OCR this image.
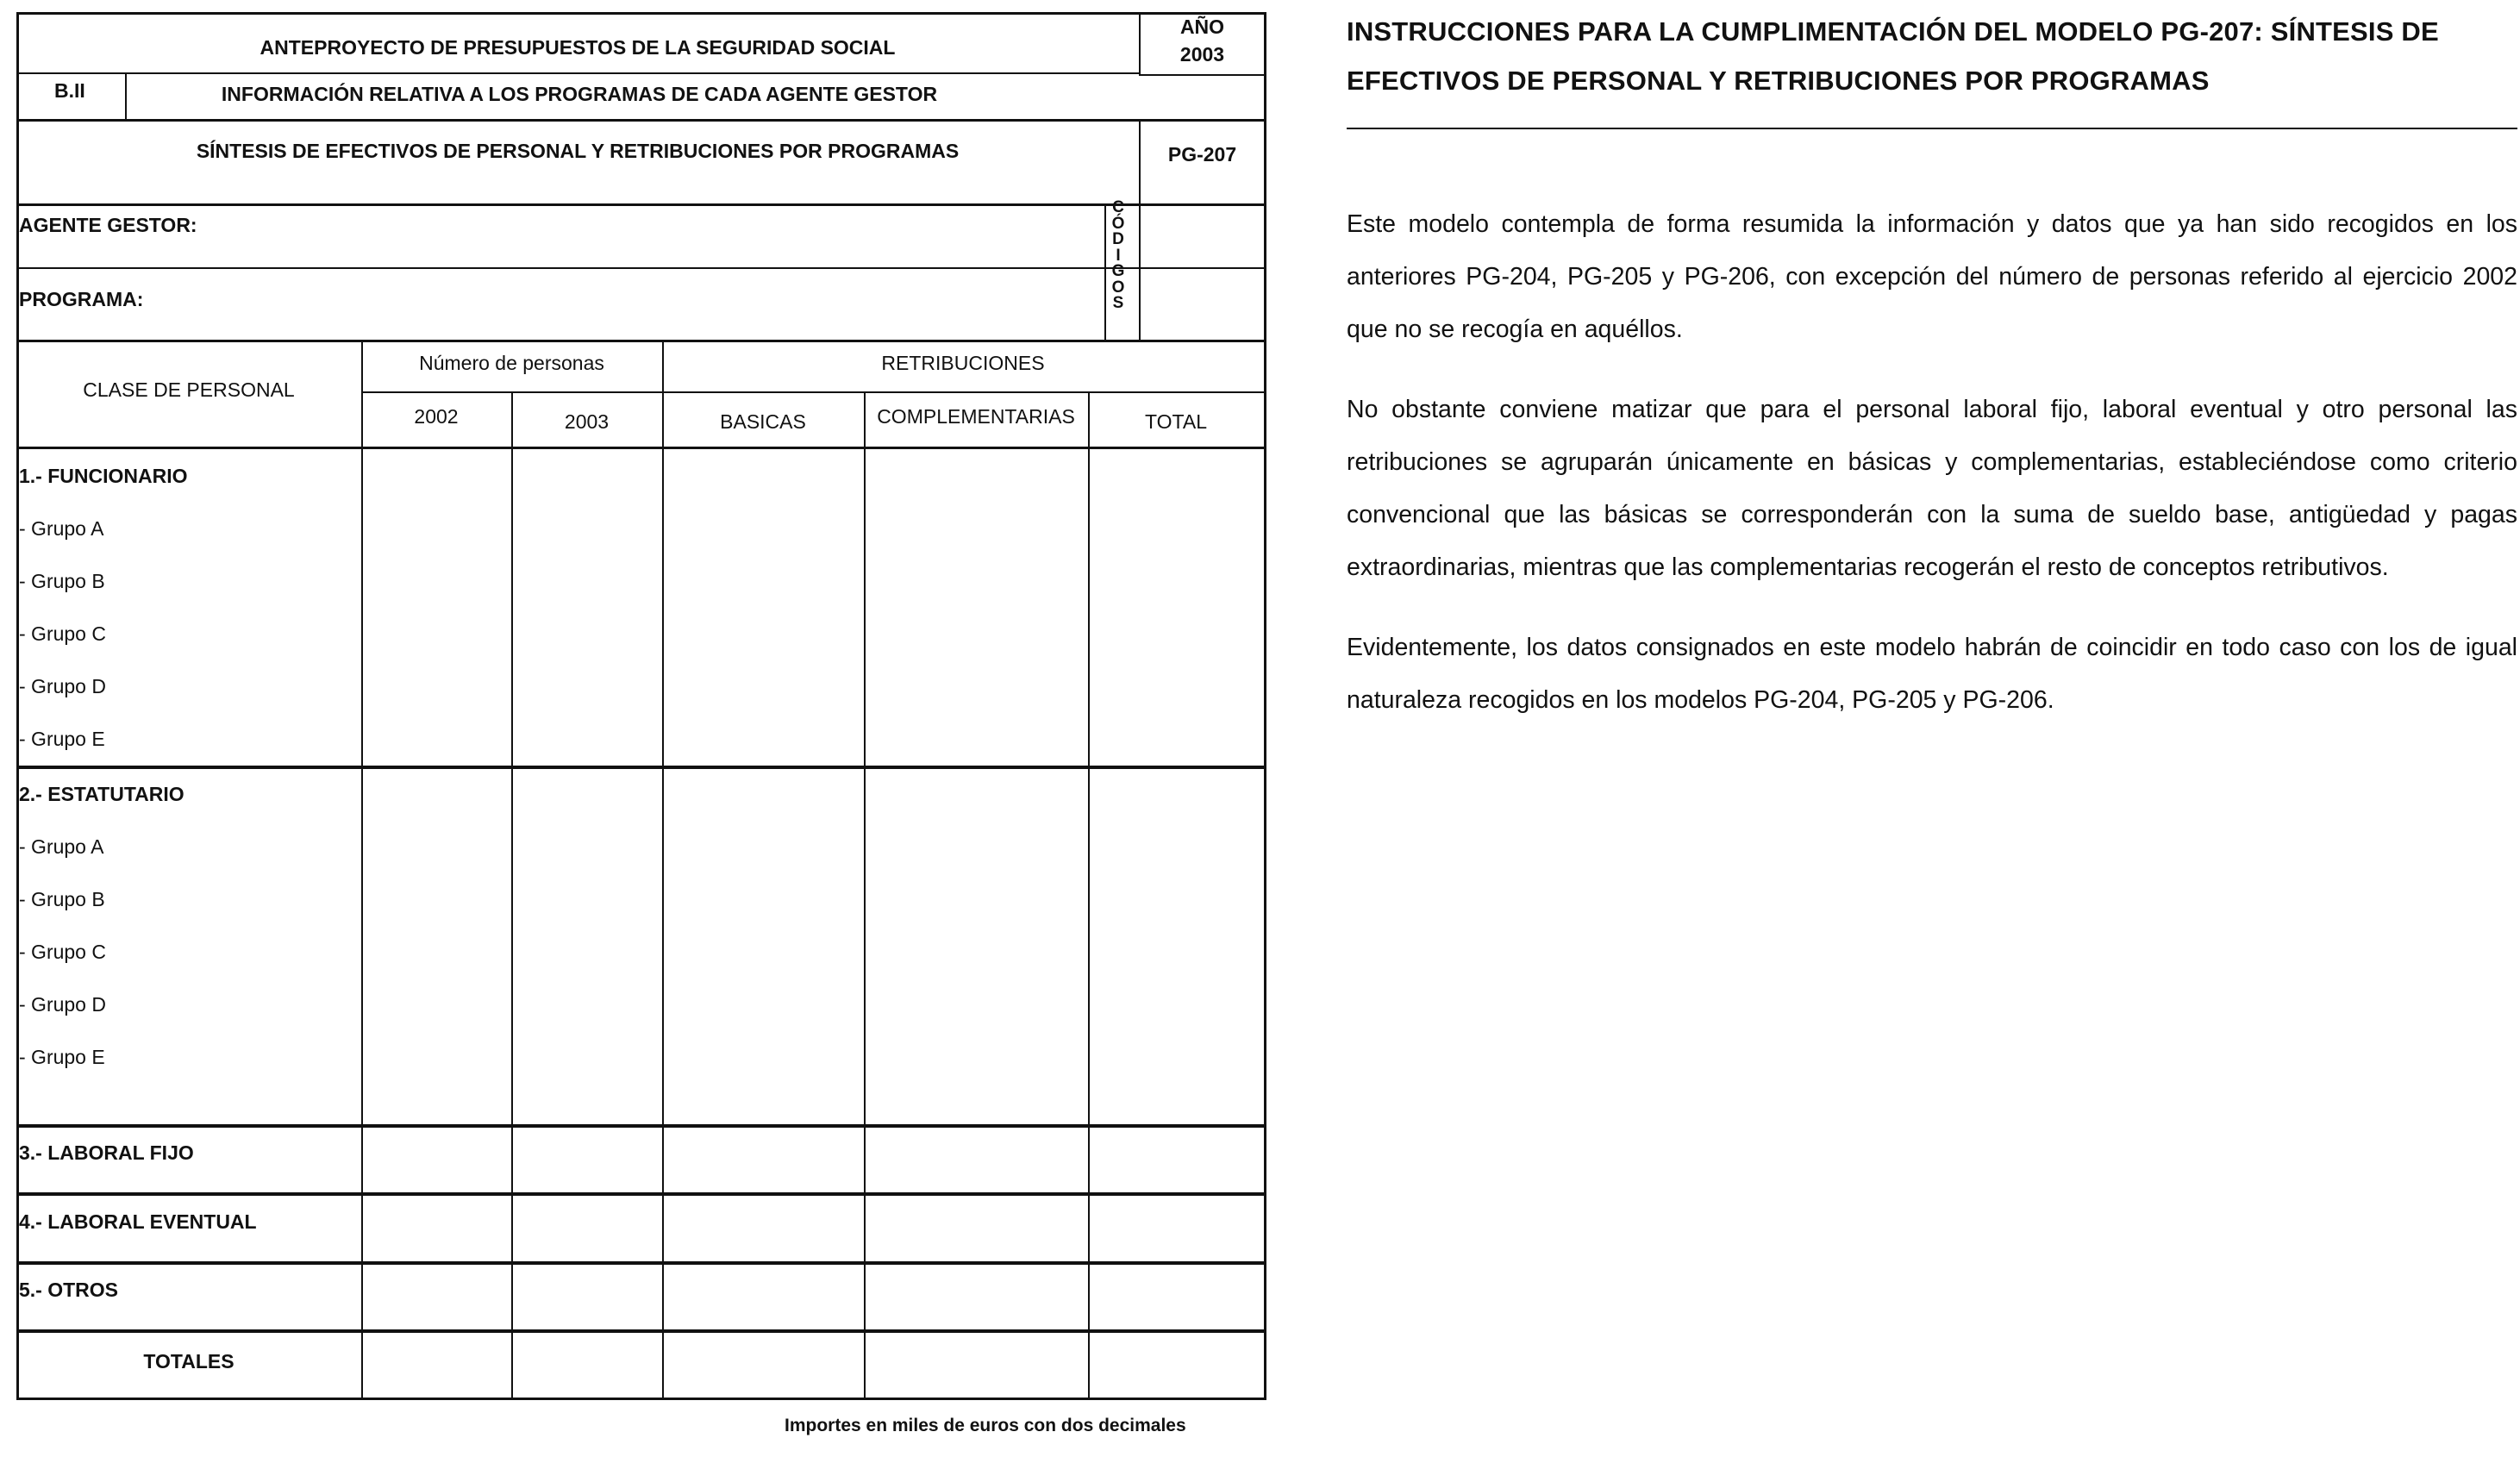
ANTEPROYECTO DE PRESUPUESTOS DE LA SEGURIDAD SOCIAL
AÑO
2003
B.II	INFORMACIÓN RELATIVA A LOS PROGRAMAS DE CADA AGENTE GESTOR
SÍNTESIS DE EFECTIVOS DE PERSONAL Y RETRIBUCIONES POR PROGRAMAS	PG-207
AGENTE GESTOR:
PROGRAMA:
C
Ó
D
I
G
O
S
CLASE DE PERSONAL
Número de personas	RETRIBUCIONES
2002	2003	BASICAS	COMPLEMENTARIAS	TOTAL
1.- FUNCIONARIO
- Grupo A
- Grupo B
- Grupo C
- Grupo D
- Grupo E
2.- ESTATUTARIO
- Grupo A
- Grupo B
- Grupo C
- Grupo D
- Grupo E
3.- LABORAL FIJO
4.- LABORAL EVENTUAL
5.- OTROS
TOTALES
Importes en miles de euros con dos decimales
INSTRUCCIONES PARA LA CUMPLIMENTACIÓN DEL MODELO PG-207: SÍNTESIS DE EFECTIVOS DE PERSONAL Y RETRIBUCIONES POR PROGRAMAS

Este modelo contempla de forma resumida la información y datos que ya han sido recogidos en los anteriores PG-204, PG-205 y PG-206, con excepción del número de personas referido al ejercicio 2002 que no se recogía en aquéllos.

No obstante conviene matizar que para el personal laboral fijo, laboral eventual y otro personal las retribuciones se agruparán únicamente en básicas y complementarias, estableciéndose como criterio convencional que las básicas se corresponderán con la suma de sueldo base, antigüedad y pagas extraordinarias, mientras que las complementarias recogerán el resto de conceptos retributivos.

Evidentemente, los datos consignados en este modelo habrán de coincidir en todo caso con los de igual naturaleza recogidos en los modelos PG-204, PG-205 y PG-206.
